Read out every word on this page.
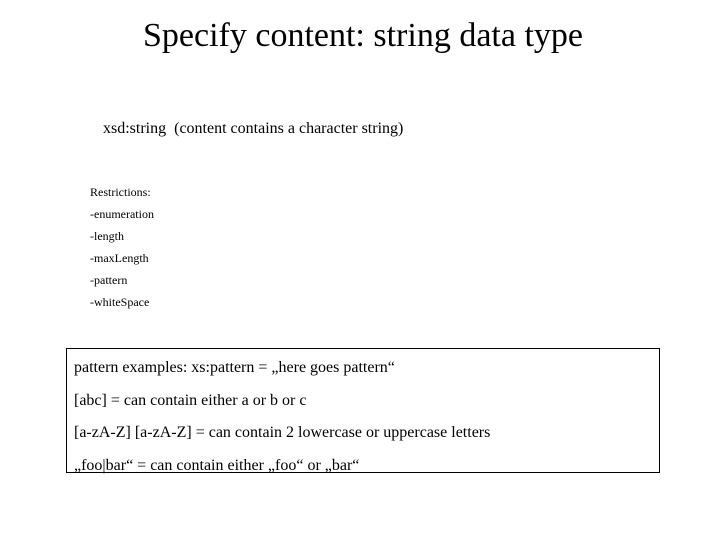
Specify content: string data type
xsd:string  (content contains a character string)
Restrictions:
-enumeration
-length
-maxLength
-pattern
-whiteSpace
pattern examples: xs:pattern = „here goes pattern“
[abc] = can contain either a or b or c
[a-zA-Z] [a-zA-Z] = can contain 2 lowercase or uppercase letters
„foo|bar“ = can contain either „foo“ or „bar“
